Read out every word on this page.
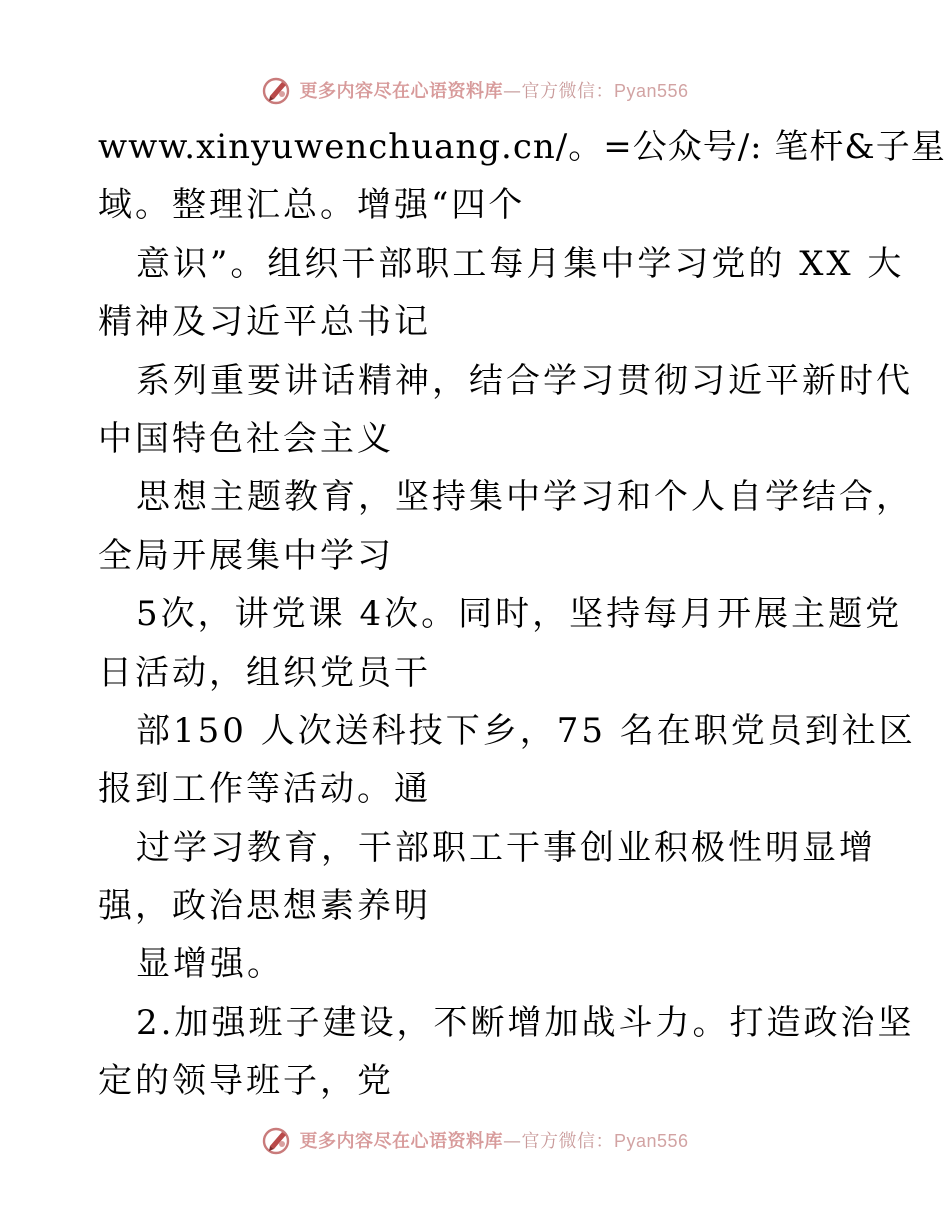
更多内容尽在心语资料库—官方微信：Pyan556
www.xinyuwenchuang.cn/。=公众号/: 笔杆&子星
域。整理汇总。增强“四个
意识”。组织干部职工每月集中学习党的 XX 大
精神及习近平总书记
系列重要讲话精神，结合学习贯彻习近平新时代
中国特色社会主义
思想主题教育，坚持集中学习和个人自学结合，
全局开展集中学习
5次，讲党课 4次。同时，坚持每月开展主题党
日活动，组织党员干
部150 人次送科技下乡，75 名在职党员到社区
报到工作等活动。通
过学习教育，干部职工干事创业积极性明显增
强，政治思想素养明
显增强。
2.加强班子建设，不断增加战斗力。打造政治坚
定的领导班子，党
更多内容尽在心语资料库—官方微信：Pyan556
